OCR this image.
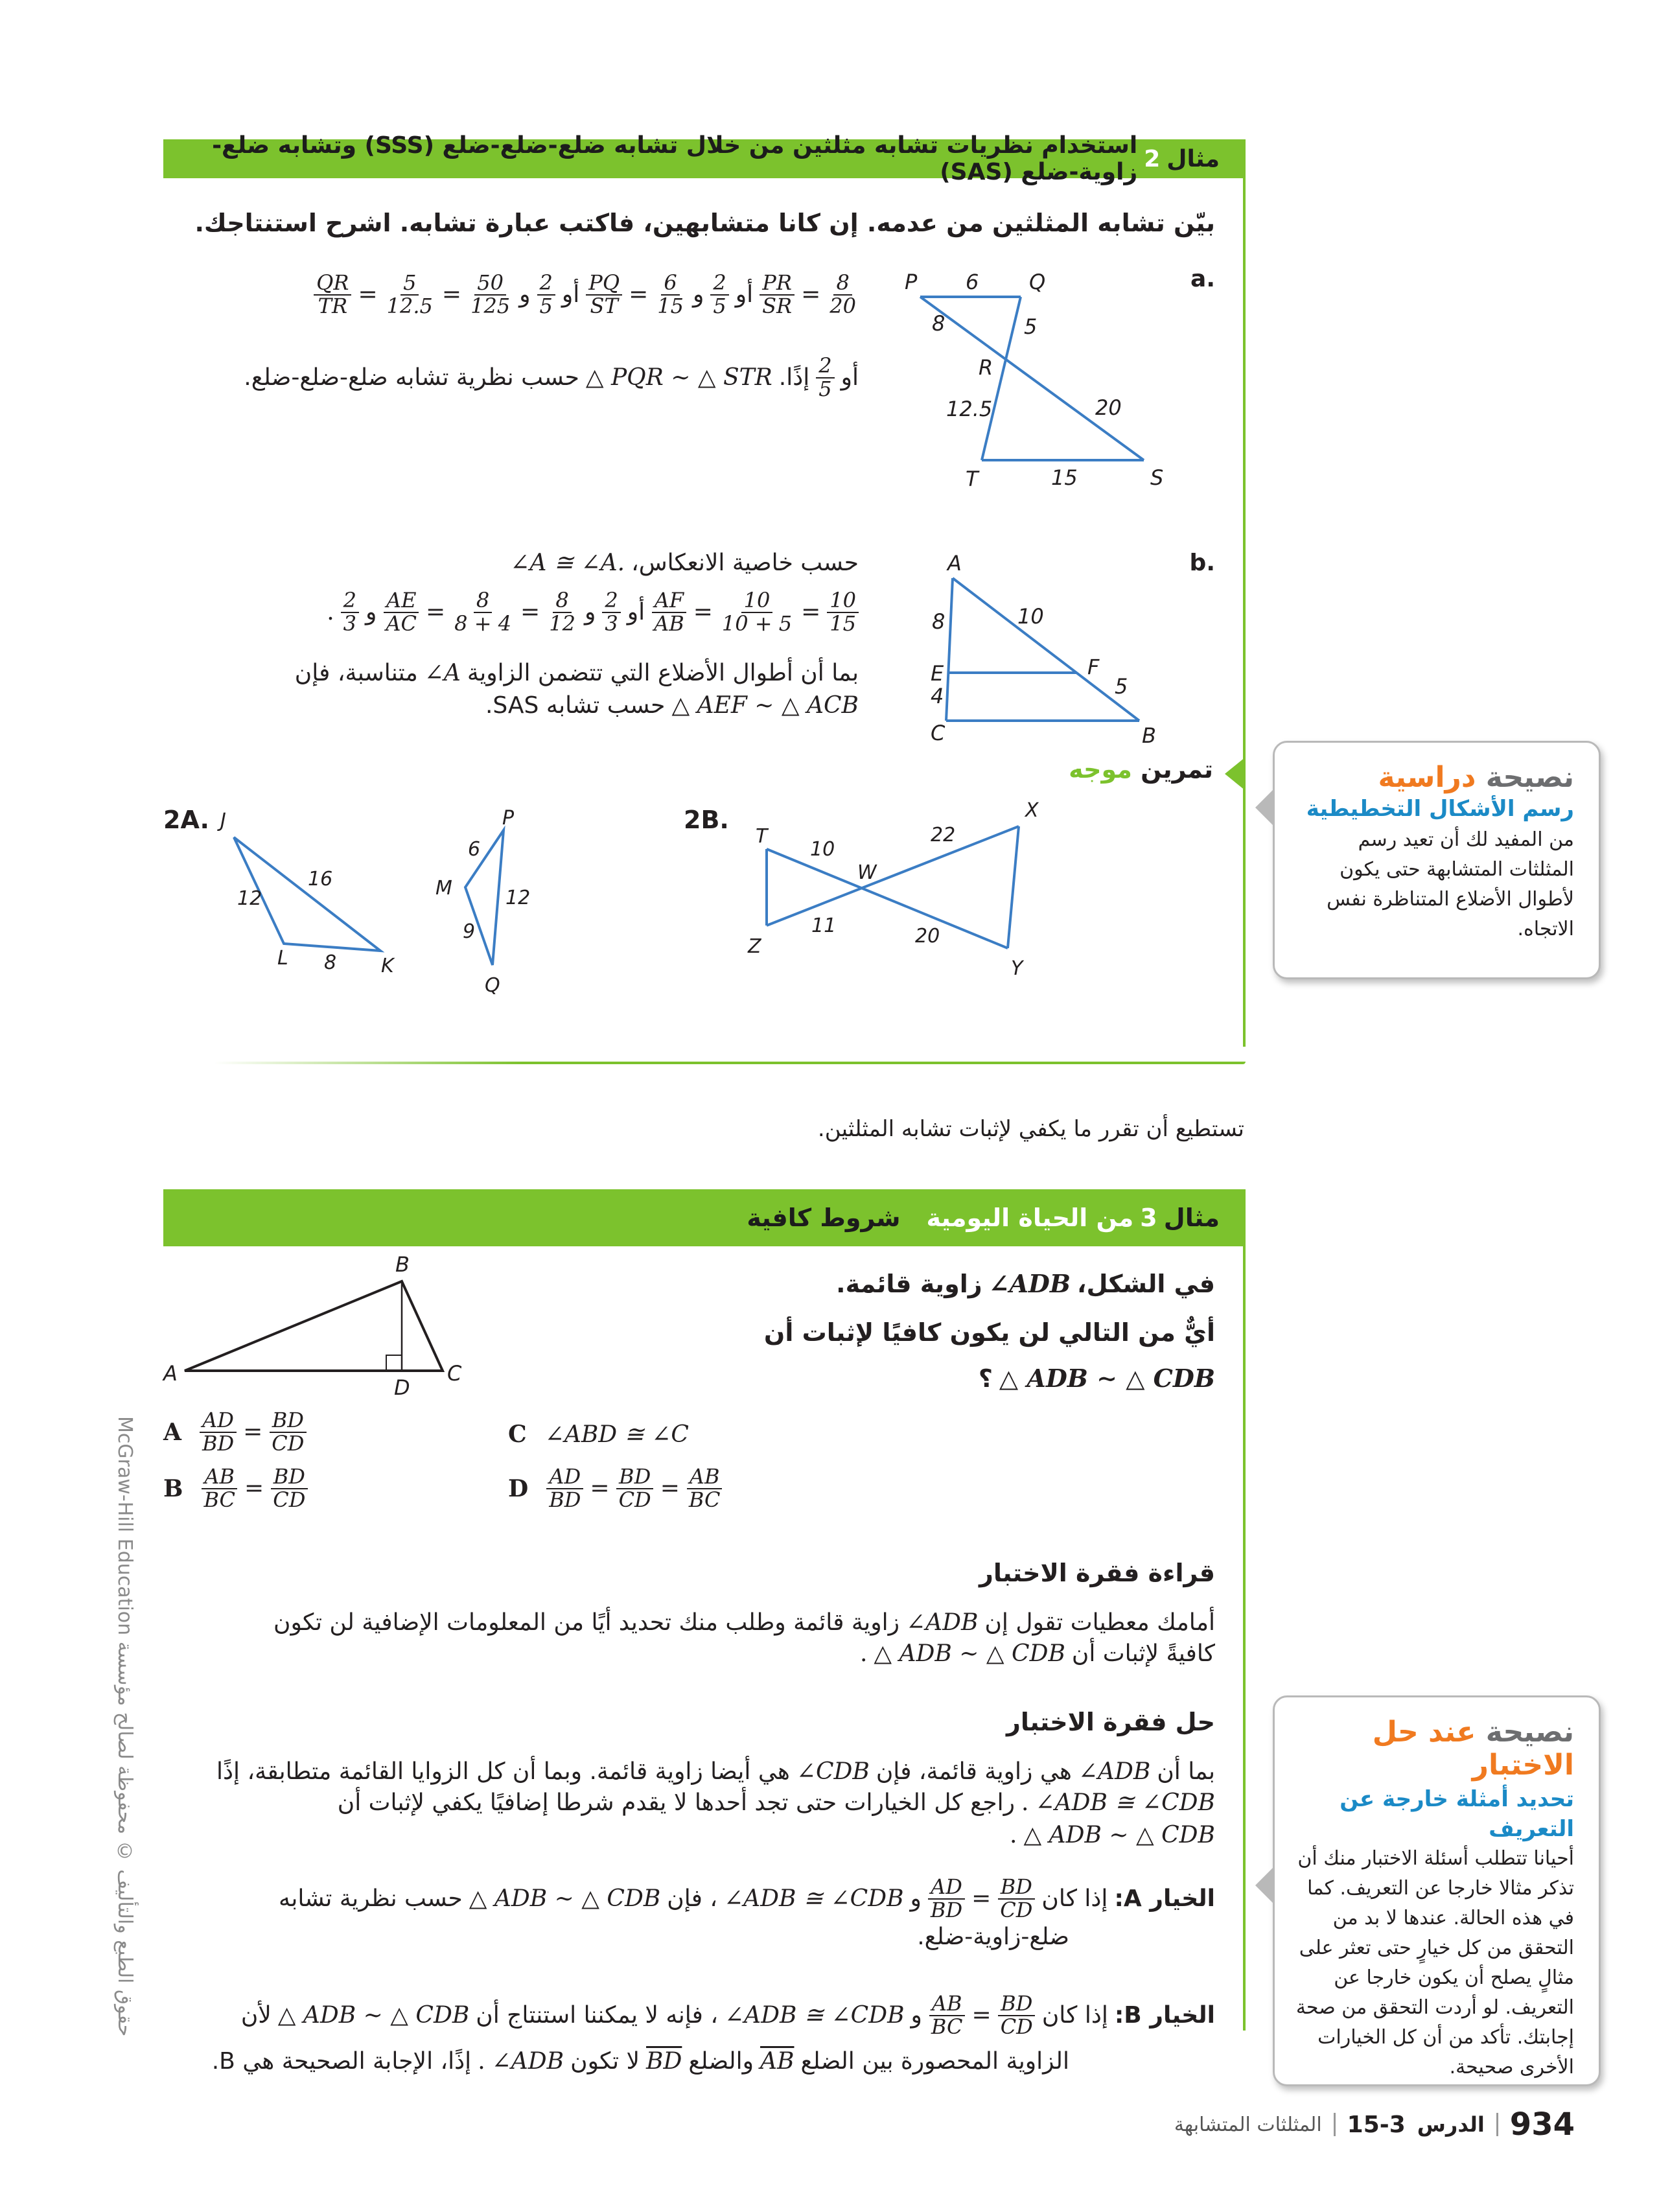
مثال
2
استخدام نظريات تشابه مثلثين من خلال تشابه ضلع-ضلع-ضلع (SSS) وتشابه ضلع-زاوية-ضلع (SAS)
بيّن تشابه المثلثين من عدمه. إن كانا متشابهين، فاكتب عبارة تشابه. اشرح استنتاجك.
.a
$\frac{QR}{TR} = \frac{5}{12.5} = \frac{50}{125}$ و $\frac{2}{5}$ أو $\frac{PQ}{ST} = \frac{6}{15}$ و $\frac{2}{5}$ أو $\frac{PR}{SR} = \frac{8}{20}$
حسب نظرية تشابه ضلع-ضلع-ضلع. △ PQR ∼ △ STR إذًا. $\frac{2}{5}$ أو
P	Q
R
T	S
6
8	5
12.5	20
15
.b
∠A ≅ ∠A. حسب خاصية الانعكاس،
. $\frac{2}{3}$ و $\frac{AE}{AC} = \frac{8}{8 + 4} = \frac{8}{12}$ و $\frac{2}{3}$ أو $\frac{AF}{AB} = \frac{10}{10 + 5} = \frac{10}{15}$
متناسبة، فإن ∠A بما أن أطوال الأضلاع التي تتضمن الزاوية
حسب تشابه SAS. △ AEF ∼ △ ACB
A
E
C
F
B
8
4
10
5
تمرين موجه
2A. J
L	K
16
12
8
P
M
Q
6
12
9
2B.
T
W
X
Z
Y
10
22
11	20
نصيحة دراسية
رسم الأشكال التخطيطية من المفيد لك أن تعيد رسم المثلثات المتشابهة حتى يكون لأطوال الأضلاع المتناظرة نفس الاتجاه.
تستطيع أن تقرر ما يكفي لإثبات تشابه المثلثين.
مثال
3
من الحياة اليومية
شروط كافية
A
B
C
D
زاوية قائمة. ∠ADB في الشكل،
أيٌّ من التالي لن يكون كافيًا لإثبات أن
؟ △ ADB ∼ △ CDB
A $\frac{AD}{BD} = \frac{BD}{CD}$
B $\frac{AB}{BC} = \frac{BD}{CD}$
C ∠ABD ≅ ∠C
D $\frac{AD}{BD} = \frac{BD}{CD} = \frac{AB}{BC}$
قراءة فقرة الاختبار
زاوية قائمة وطلب منك تحديد أيًا من المعلومات الإضافية لن تكون ∠ADB أمامك معطيات تقول إن
. △ ADB ∼ △ CDB كافيةً لإثبات أن
حل فقرة الاختبار
هي أيضا زاوية قائمة. وبما أن كل الزوايا القائمة متطابقة، إذًا ∠CDB هي زاوية قائمة، فإن ∠ADB بما أن
راجع كل الخيارات حتى تجد أحدها لا يقدم شرطا إضافيًا يكفي لإثبات أن . ∠ADB ≅ ∠CDB
. △ ADB ∼ △ CDB
حسب نظرية تشابه △ ADB ∼ △ CDB ، فإن ∠ADB ≅ ∠CDB و $\frac{AD}{BD} = \frac{BD}{CD}$ إذا كان الخيار A:
ضلع-زاوية-ضلع.
لأن △ ADB ∼ △ CDB ، فإنه لا يمكننا استنتاج أن ∠ADB ≅ ∠CDB و $\frac{AB}{BC} = \frac{BD}{CD}$ إذا كان الخيار B:
إذًا، الإجابة الصحيحة هي B. . ∠ADB لا تكون $\overline{BD}$ والضلع $\overline{AB}$ الزاوية المحصورة بين الضلع
نصيحة عند حل الاختبار
تحديد أمثلة خارجة عن التعريف
أحيانا تتطلب أسئلة الاختبار منك أن تذكر مثالا خارجا عن التعريف. كما في هذه الحالة. عندها لا بد من التحقق من كل خيارٍ حتى تعثر على مثالٍ يصلح أن يكون خارجا عن التعريف. لو أردت التحقق من صحة إجابتك. تأكد من أن كل الخيارات الأخرى صحيحة.
حقوق الطبع والتأليف © محفوظة لصالح مؤسسة McGraw-Hill Education
المثلثات المتشابهة 15-3 الدرس 934
